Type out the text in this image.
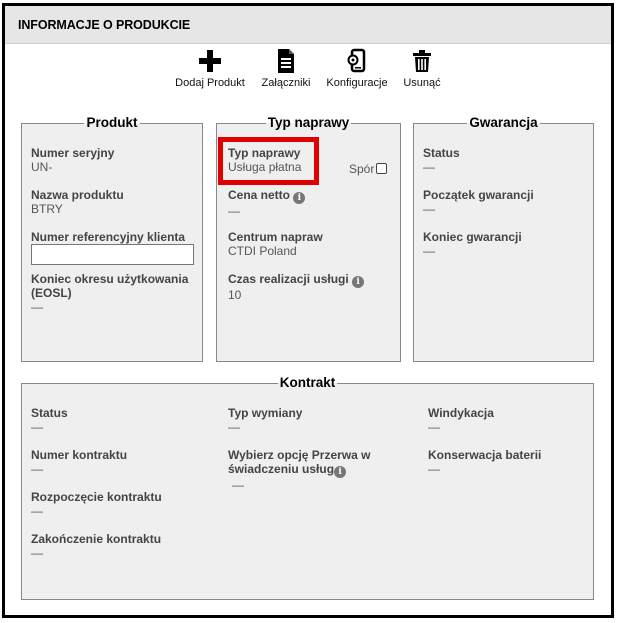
INFORMACJE O PRODUKCIE
Dodaj Produkt	Załączniki	Konfiguracje	Usunąć
Produkt
Numer seryjny
UN-
Nazwa produktu
BTRY
Numer referencyjny klienta
Koniec okresu użytkowania (EOSL)
—
Typ naprawy
Typ naprawy
Usługa płatna	Spór
Cena netto i
—
Centrum napraw
CTDI Poland
Czas realizacji usługi i
10
Gwarancja
Status
—
Początek gwarancji
—
Koniec gwarancji
—
Kontrakt
Status
—
Numer kontraktu
—
Rozpoczęcie kontraktu
—
Zakończenie kontraktu
—
Typ wymiany
—
Wybierz opcję Przerwa w świadczeniu usług i
—
Windykacja
—
Konserwacja baterii
—
